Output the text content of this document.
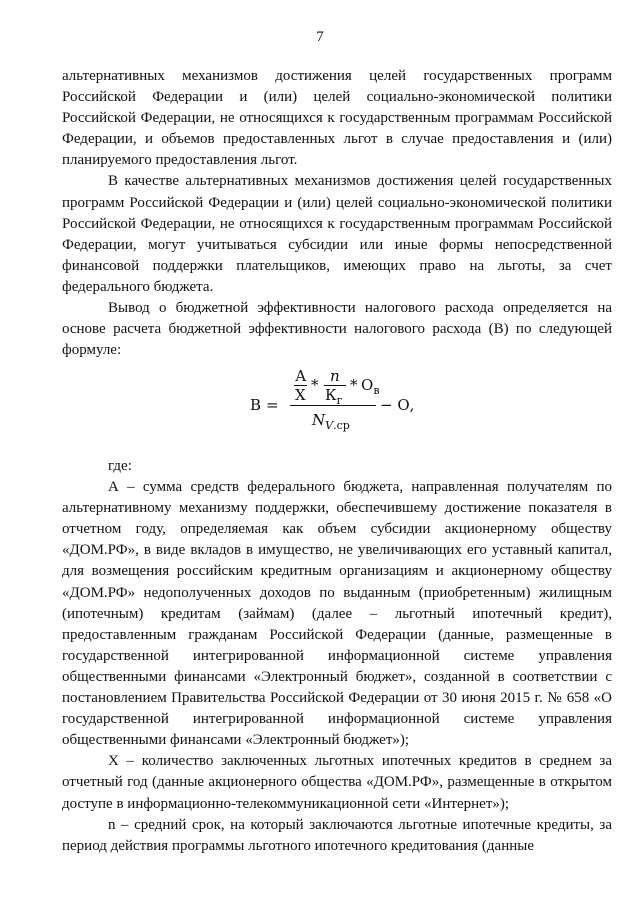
7

альтернативных механизмов достижения целей государственных программ Российской Федерации и (или) целей социально-экономической политики Российской Федерации, не относящихся к государственным программам Российской Федерации, и объемов предоставленных льгот в случае предоставления и (или) планируемого предоставления льгот.

В качестве альтернативных механизмов достижения целей государственных программ Российской Федерации и (или) целей социально-экономической политики Российской Федерации, не относящихся к государственным программам Российской Федерации, могут учитываться субсидии или иные формы непосредственной финансовой поддержки плательщиков, имеющих право на льготы, за счет федерального бюджета.

Вывод о бюджетной эффективности налогового расхода определяется на основе расчета бюджетной эффективности налогового расхода (В) по следующей формуле:

В =
А
Х
* n
$К_г$
* $О_в$
$N_{V.ср}$
− О,

где:

А – сумма средств федерального бюджета, направленная получателям по альтернативному механизму поддержки, обеспечившему достижение показателя в отчетном году, определяемая как объем субсидии акционерному обществу «ДОМ.РФ», в виде вкладов в имущество, не увеличивающих его уставный капитал, для возмещения российским кредитным организациям и акционерному обществу «ДОМ.РФ» недополученных доходов по выданным (приобретенным) жилищным (ипотечным) кредитам (займам) (далее – льготный ипотечный кредит), предоставленным гражданам Российской Федерации (данные, размещенные в государственной интегрированной информационной системе управления общественными финансами «Электронный бюджет», созданной в соответствии с постановлением Правительства Российской Федерации от 30 июня 2015 г. № 658 «О государственной интегрированной информационной системе управления общественными финансами «Электронный бюджет»);

Х – количество заключенных льготных ипотечных кредитов в среднем за отчетный год (данные акционерного общества «ДОМ.РФ», размещенные в открытом доступе в информационно-телекоммуникационной сети «Интернет»);

n – средний срок, на который заключаются льготные ипотечные кредиты, за период действия программы льготного ипотечного кредитования (данные
